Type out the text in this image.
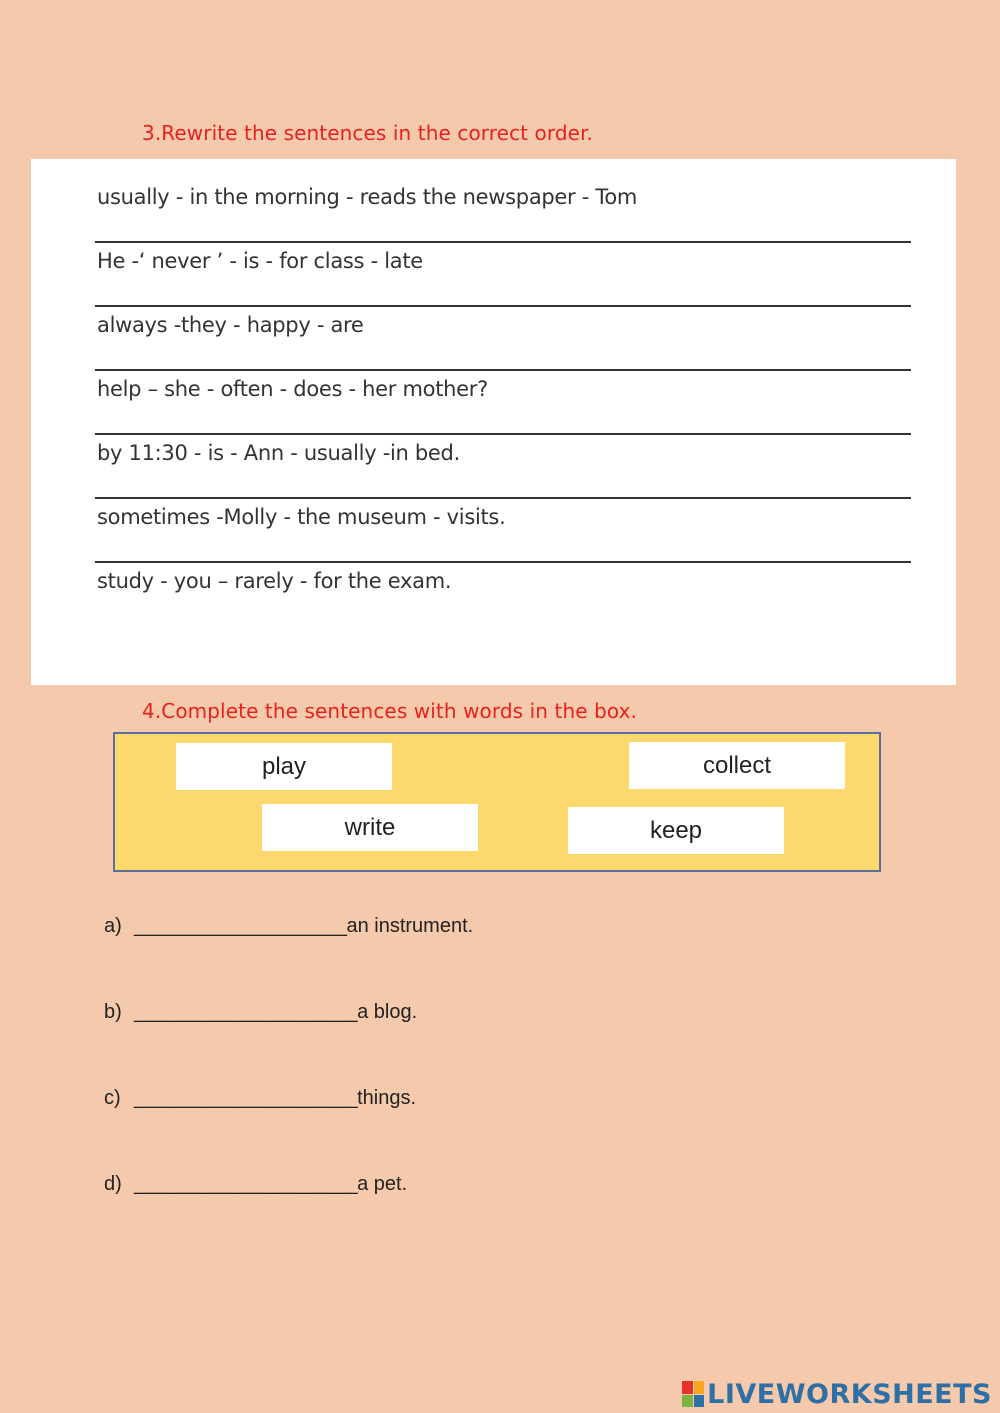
3.Rewrite the sentences in the correct order.
usually - in the morning - reads the newspaper - Tom
He -ʻ never ʼ - is - for class - late
always -they - happy - are
help – she - often - does - her mother?
by 11:30 - is - Ann - usually -in bed.
sometimes -Molly - the museum - visits.
study - you – rarely - for the exam.
4.Complete the sentences with words in the box.
play	collect
write	keep
a) ____________________ an instrument.
b) _____________________ a blog.
c) _____________________ things.
d) _____________________ a pet.
LIVEWORKSHEETS
